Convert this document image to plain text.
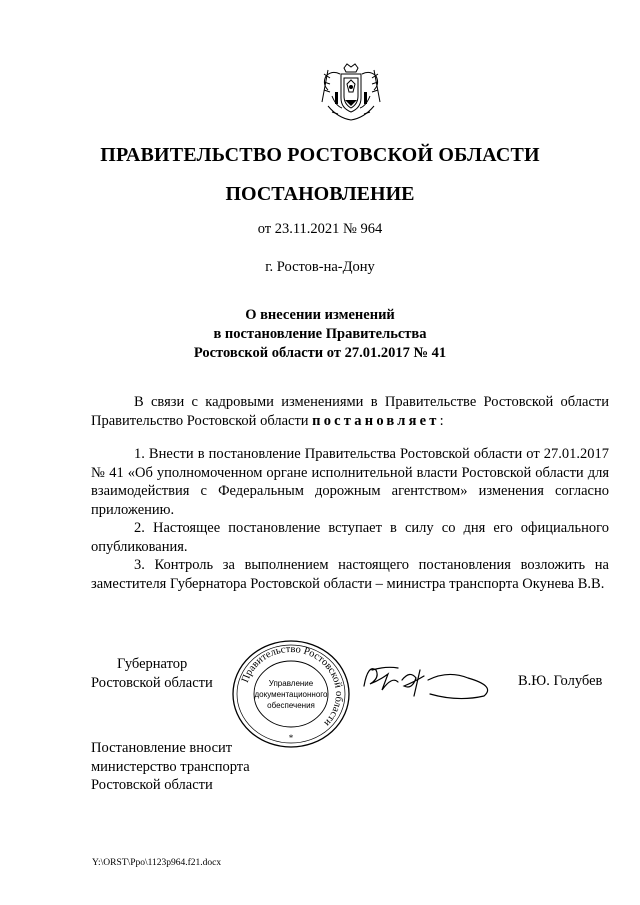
ПРАВИТЕЛЬСТВО РОСТОВСКОЙ ОБЛАСТИ
ПОСТАНОВЛЕНИЕ
от 23.11.2021 № 964
г. Ростов-на-Дону
О внесении изменений
в постановление Правительства
Ростовской области от 27.01.2017 № 41

В связи с кадровыми изменениями в Правительстве Ростовской области Правительство Ростовской области постановляет:

1. Внести в постановление Правительства Ростовской области от 27.01.2017 № 41 «Об уполномоченном органе исполнительной власти Ростовской области для взаимодействия с Федеральным дорожным агентством» изменения согласно приложению.

2. Настоящее постановление вступает в силу со дня его официального опубликования.

3. Контроль за выполнением настоящего постановления возложить на заместителя Губернатора Ростовской области – министра транспорта Окунева В.В.

Губернатор
Ростовской области	Правительство Ростовской области
*
Управление
документационного
обеспечения
В.Ю. Голубев
Постановление вносит
министерство транспорта
Ростовской области
Y:\ORST\Ppo\1123p964.f21.docx
